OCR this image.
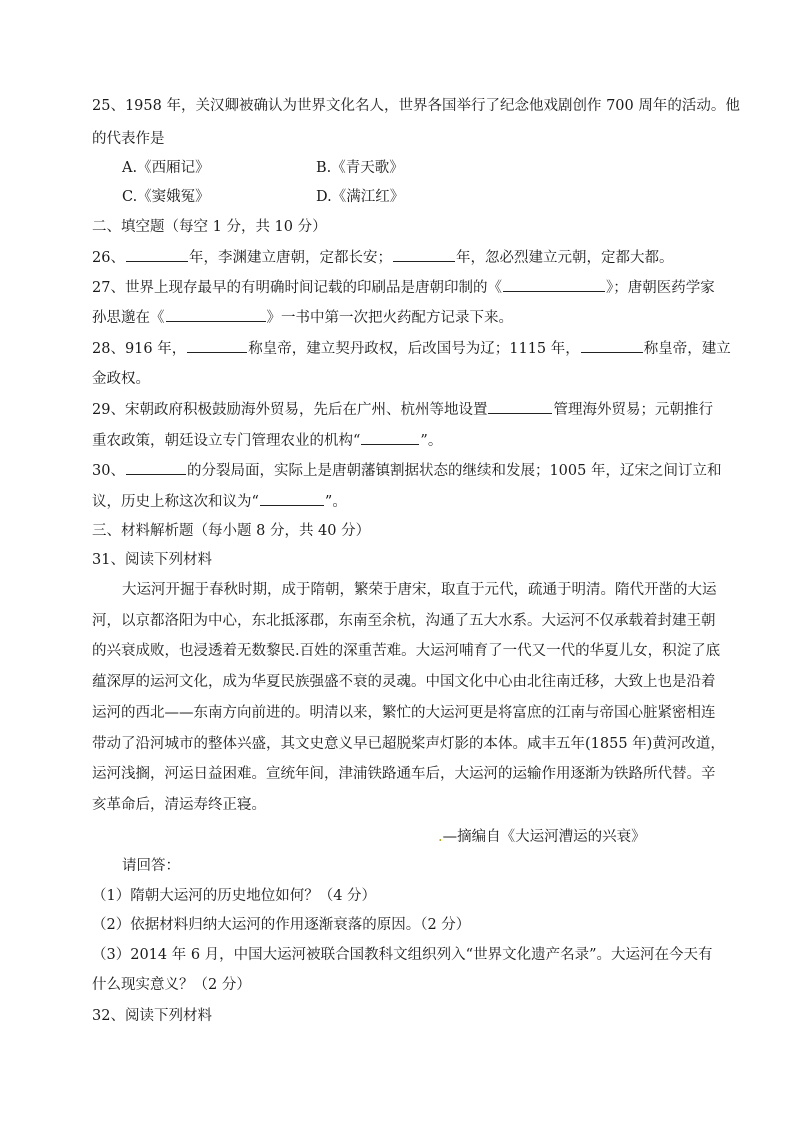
25、1958 年，关汉卿被确认为世界文化名人，世界各国举行了纪念他戏剧创作 700 周年的活动。他
的代表作是
A.《西厢记》	B.《青天歌》
C.《窦娥冤》	D.《满江红》
二、填空题（每空 1 分，共 10 分）
26、	年，李渊建立唐朝，定都长安；	年，忽必烈建立元朝，定都大都。
27、世界上现存最早的有明确时间记载的印刷品是唐朝印制的《	》；唐朝医药学家
孙思邈在《	》一书中第一次把火药配方记录下来。
28、916 年，	称皇帝，建立契丹政权，后改国号为辽；1115 年，	称皇帝，建立
金政权。
29、宋朝政府积极鼓励海外贸易，先后在广州、杭州等地设置	管理海外贸易；元朝推行
重农政策，朝廷设立专门管理农业的机构“	”。
30、	的分裂局面，实际上是唐朝藩镇割据状态的继续和发展；1005 年，辽宋之间订立和
议，历史上称这次和议为“	”。
三、材料解析题（每小题 8 分，共 40 分）
31、阅读下列材料
大运河开掘于春秋时期，成于隋朝，繁荣于唐宋，取直于元代，疏通于明清。隋代开凿的大运
河，以京都洛阳为中心，东北抵涿郡，东南至余杭，沟通了五大水系。大运河不仅承载着封建王朝
的兴衰成败，也浸透着无数黎民.百姓的深重苦难。大运河哺育了一代又一代的华夏儿女，积淀了底
蕴深厚的运河文化，成为华夏民族强盛不衰的灵魂。中国文化中心由北往南迁移，大致上也是沿着
运河的西北——东南方向前进的。明清以来，繁忙的大运河更是将富庶的江南与帝国心脏紧密相连
带动了沿河城市的整体兴盛，其文史意义早已超脱桨声灯影的本体。咸丰五年(1855 年)黄河改道，
运河浅搁，河运日益困难。宣统年间，津浦铁路通车后，大运河的运输作用逐渐为铁路所代替。辛
亥革命后，清运寿终正寝。
.—摘编自《大运河漕运的兴衰》
请回答：
（1）隋朝大运河的历史地位如何？（4 分）
（2）依据材料归纳大运河的作用逐渐衰落的原因。（2 分）
（3）2014 年 6 月，中国大运河被联合国教科文组织列入“世界文化遗产名录”。大运河在今天有
什么现实意义？（2 分）
32、阅读下列材料
